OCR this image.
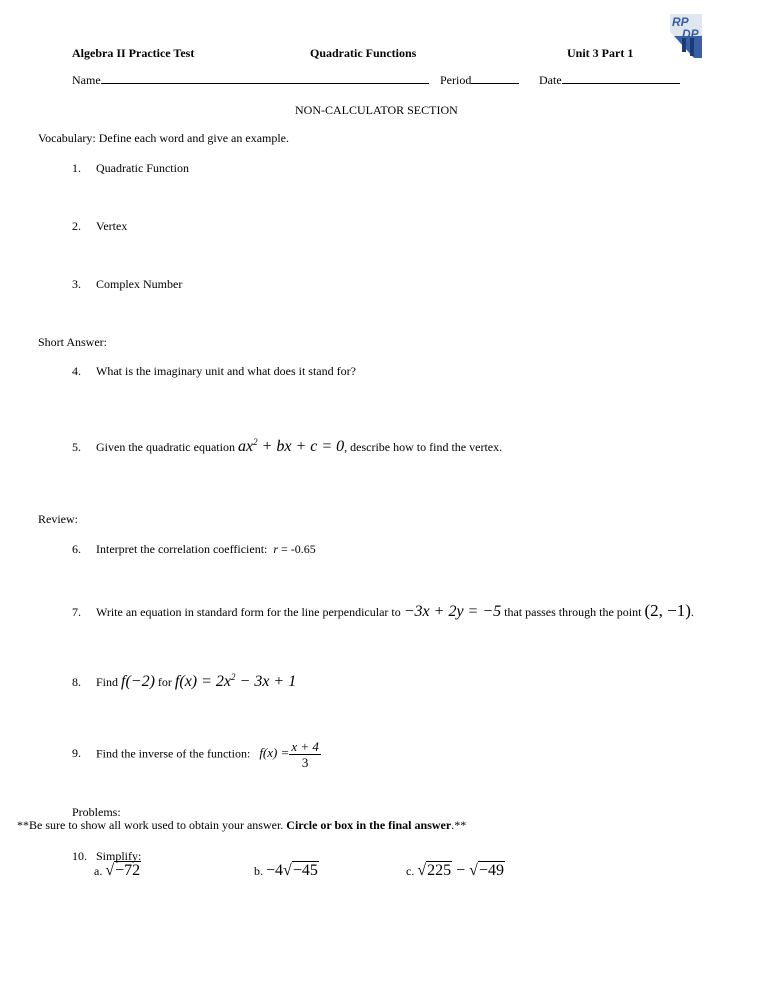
Algebra II Practice Test	Quadratic Functions	Unit 3 Part 1
RP
DP
Name	Period	Date
NON-CALCULATOR SECTION
Vocabulary: Define each word and give an example.
1. Quadratic Function
2. Vertex
3. Complex Number
Short Answer:
4. What is the imaginary unit and what does it stand for?
5. Given the quadratic equation $ax^2$ + bx + c = 0, describe how to find the vertex.
Review:
6. Interpret the correlation coefficient: r = -0.65
7. Write an equation in standard form for the line perpendicular to −3x + 2y = −5 that passes through the point (2, −1).
8. Find f(−2) for $f(x) = 2x^2 - 3x + 1$
9. Find the inverse of the function: $f(x) = \frac{x + 4}{3}$
Problems:
**Be sure to show all work used to obtain your answer. Circle or box in the final answer.**
10. Simplify:
a. √−72	b. −4√−45	c. √225 − √−49
